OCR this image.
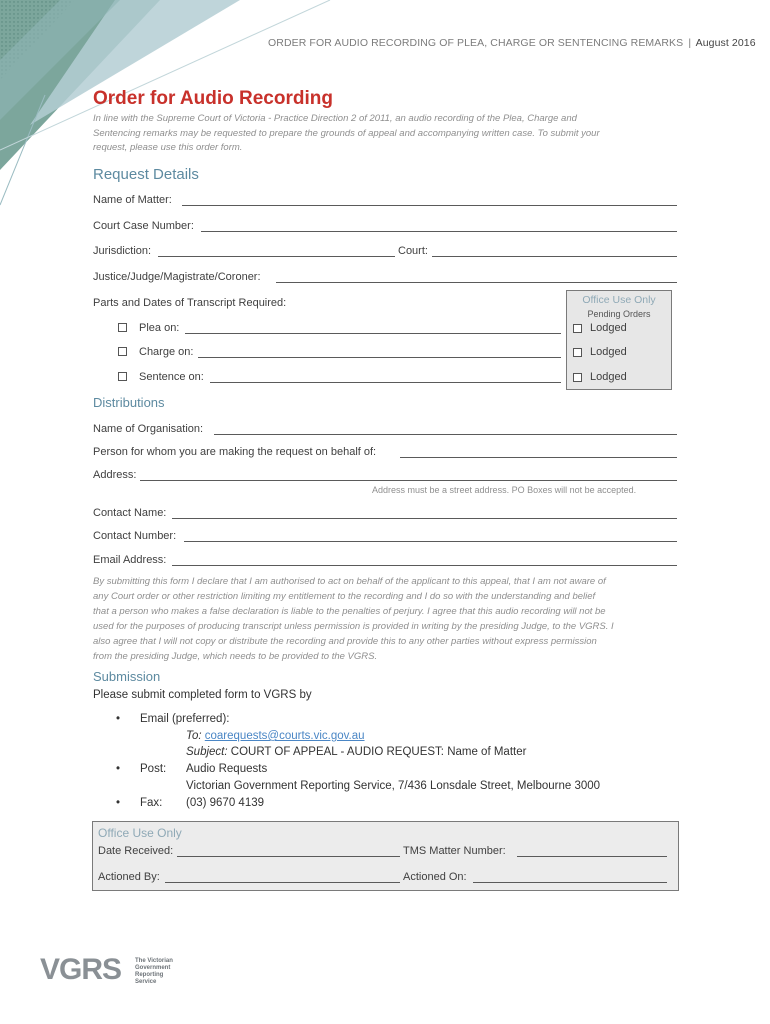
ORDER FOR AUDIO RECORDING OF PLEA, CHARGE OR SENTENCING REMARKS | August 2016
Order for Audio Recording
In line with the Supreme Court of Victoria - Practice Direction 2 of 2011, an audio recording of the Plea, Charge and
Sentencing remarks may be requested to prepare the grounds of appeal and accompanying written case. To submit your
request, please use this order form.
Request Details
Name of Matter:
Court Case Number:
Jurisdiction:	Court:
Justice/Judge/Magistrate/Coroner:
Parts and Dates of Transcript Required:
Plea on:
Charge on:
Sentence on:
Office Use Only
Pending Orders
Lodged
Lodged
Lodged
Distributions
Name of Organisation:
Person for whom you are making the request on behalf of:
Address:
Address must be a street address. PO Boxes will not be accepted.
Contact Name:
Contact Number:
Email Address:
By submitting this form I declare that I am authorised to act on behalf of the applicant to this appeal, that I am not aware of
any Court order or other restriction limiting my entitlement to the recording and I do so with the understanding and belief
that a person who makes a false declaration is liable to the penalties of perjury. I agree that this audio recording will not be
used for the purposes of producing transcript unless permission is provided in writing by the presiding Judge, to the VGRS. I
also agree that I will not copy or distribute the recording and provide this to any other parties without express permission
from the presiding Judge, which needs to be provided to the VGRS.
Submission
Please submit completed form to VGRS by
• Email (preferred):
To: coarequests@courts.vic.gov.au
Subject: COURT OF APPEAL - AUDIO REQUEST: Name of Matter
• Post: Audio Requests
Victorian Government Reporting Service, 7/436 Lonsdale Street, Melbourne 3000
• Fax: (03) 9670 4139
Office Use Only
Date Received:	TMS Matter Number:
Actioned By:	Actioned On:
VGRS The Victorian
Government
Reporting
Service
